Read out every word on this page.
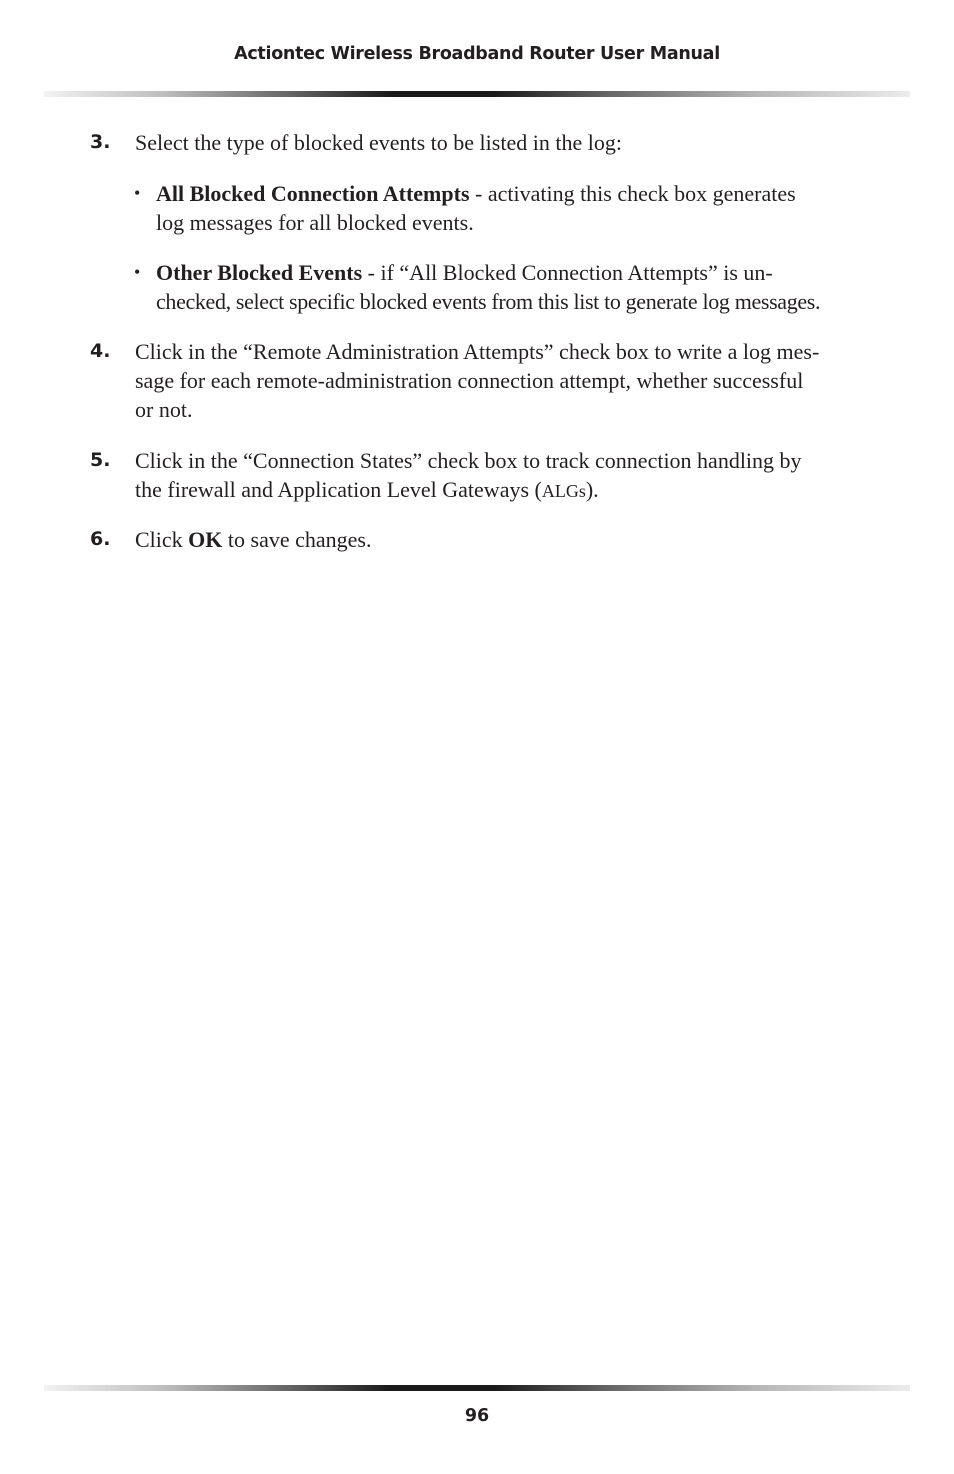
Actiontec Wireless Broadband Router User Manual
3. Select the type of blocked events to be listed in the log:
• All Blocked Connection Attempts - activating this check box generates
log messages for all blocked events.
• Other Blocked Events - if “All Blocked Connection Attempts” is un-
checked, select specific blocked events from this list to generate log messages.
4. Click in the “Remote Administration Attempts” check box to write a log mes-
sage for each remote-administration connection attempt, whether successful
or not.
5. Click in the “Connection States” check box to track connection handling by
the firewall and Application Level Gateways (ALGs).
6. Click OK to save changes.
96
